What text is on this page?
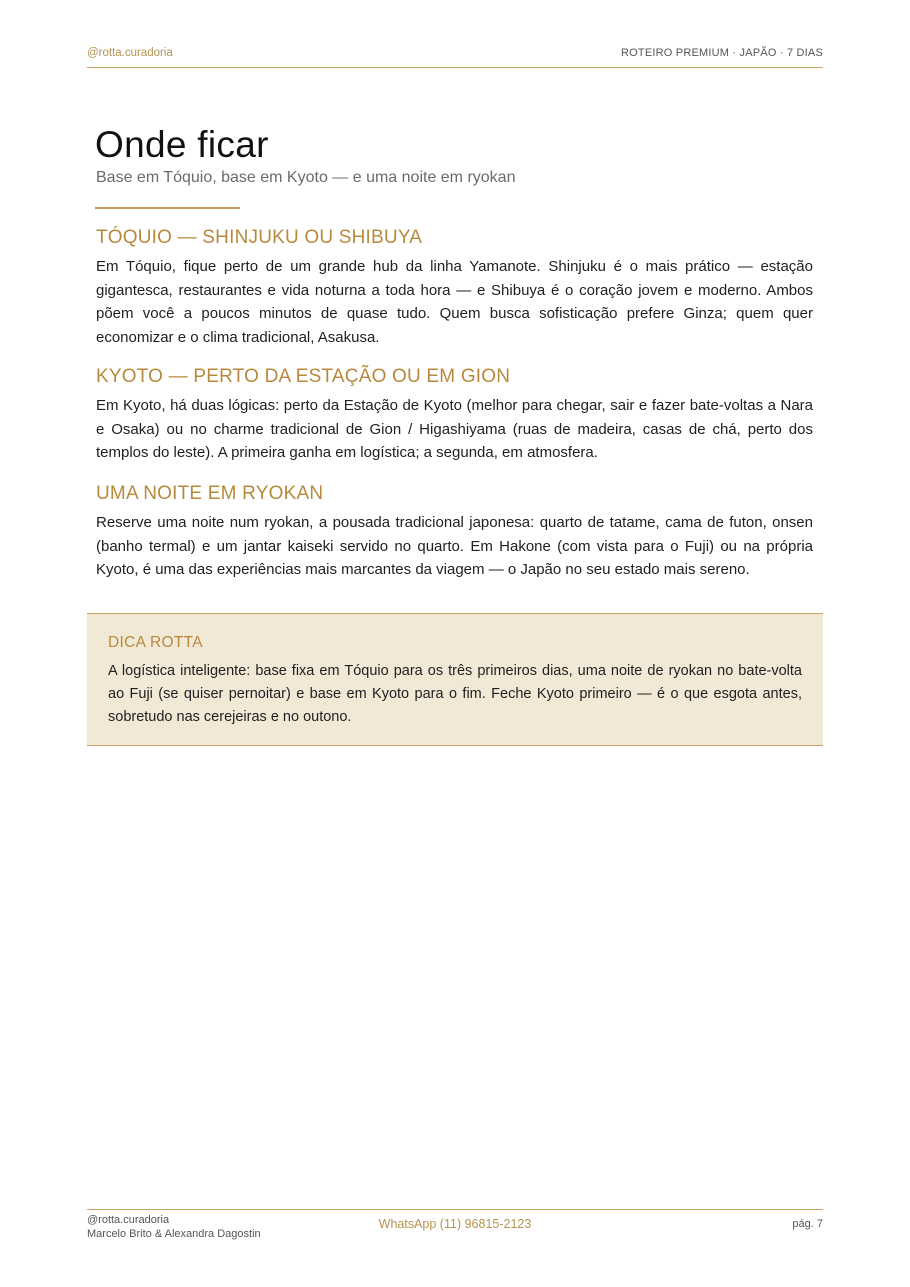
@rotta.curadoria	ROTEIRO PREMIUM · JAPÃO · 7 DIAS
Onde ficar
Base em Tóquio, base em Kyoto — e uma noite em ryokan
TÓQUIO — SHINJUKU OU SHIBUYA

Em Tóquio, fique perto de um grande hub da linha Yamanote. Shinjuku é o mais prático — estação gigantesca, restaurantes e vida noturna a toda hora — e Shibuya é o coração jovem e moderno. Ambos põem você a poucos minutos de quase tudo. Quem busca sofisticação prefere Ginza; quem quer economizar e o clima tradicional, Asakusa.

KYOTO — PERTO DA ESTAÇÃO OU EM GION

Em Kyoto, há duas lógicas: perto da Estação de Kyoto (melhor para chegar, sair e fazer bate-voltas a Nara e Osaka) ou no charme tradicional de Gion / Higashiyama (ruas de madeira, casas de chá, perto dos templos do leste). A primeira ganha em logística; a segunda, em atmosfera.

UMA NOITE EM RYOKAN

Reserve uma noite num ryokan, a pousada tradicional japonesa: quarto de tatame, cama de futon, onsen (banho termal) e um jantar kaiseki servido no quarto. Em Hakone (com vista para o Fuji) ou na própria Kyoto, é uma das experiências mais marcantes da viagem — o Japão no seu estado mais sereno.

DICA ROTTA

A logística inteligente: base fixa em Tóquio para os três primeiros dias, uma noite de ryokan no bate-volta ao Fuji (se quiser pernoitar) e base em Kyoto para o fim. Feche Kyoto primeiro — é o que esgota antes, sobretudo nas cerejeiras e no outono.

@rotta.curadoria
Marcelo Brito & Alexandra Dagostin
WhatsApp (11) 96815-2123	pág. 7
